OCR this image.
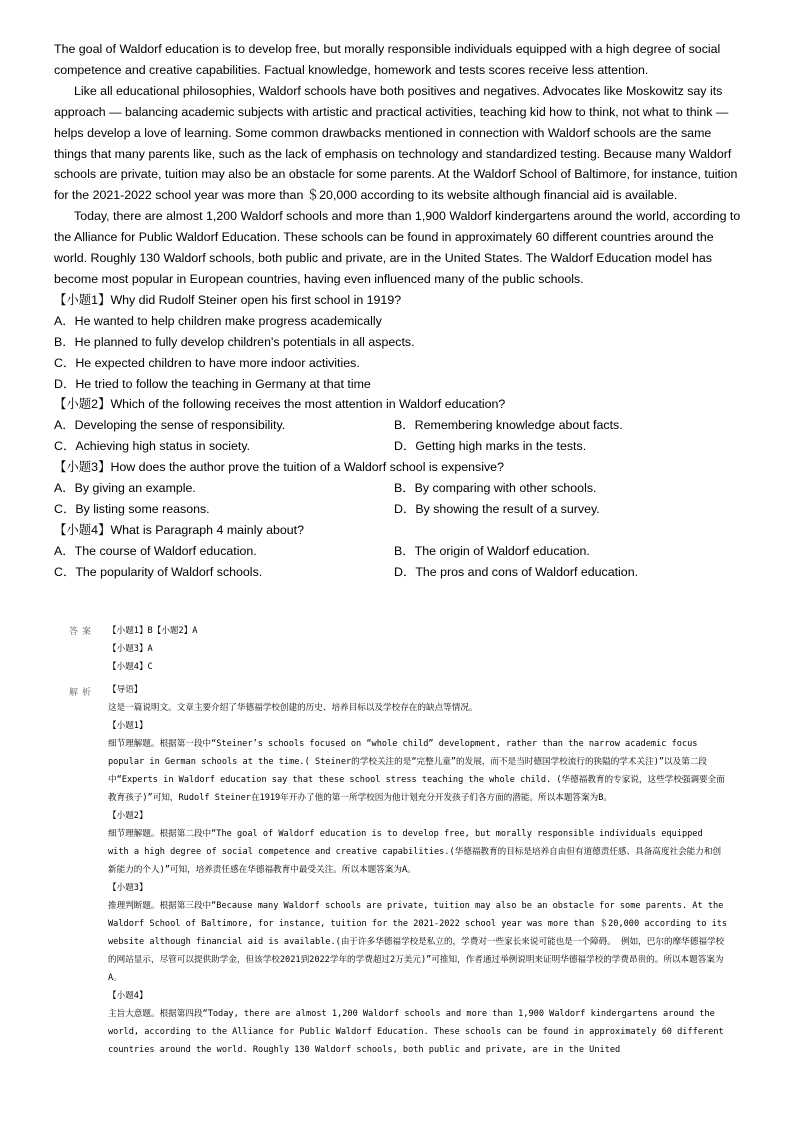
The goal of Waldorf education is to develop free, but morally responsible individuals equipped with a high degree of social competence and creative capabilities. Factual knowledge, homework and tests scores receive less attention.

Like all educational philosophies, Waldorf schools have both positives and negatives. Advocates like Moskowitz say its approach — balancing academic subjects with artistic and practical activities, teaching kid how to think, not what to think — helps develop a love of learning. Some common drawbacks mentioned in connection with Waldorf schools are the same things that many parents like, such as the lack of emphasis on technology and standardized testing. Because many Waldorf schools are private, tuition may also be an obstacle for some parents. At the Waldorf School of Baltimore, for instance, tuition for the 2021-2022 school year was more than ＄20,000 according to its website although financial aid is available.

Today, there are almost 1,200 Waldorf schools and more than 1,900 Waldorf kindergartens around the world, according to the Alliance for Public Waldorf Education. These schools can be found in approximately 60 different countries around the world. Roughly 130 Waldorf schools, both public and private, are in the United States. The Waldorf Education model has become most popular in European countries, having even influenced many of the public schools.

【小题1】Why did Rudolf Steiner open his first school in 1919?

A．He wanted to help children make progress academically
B．He planned to fully develop children's potentials in all aspects.
C．He expected children to have more indoor activities.
D．He tried to follow the teaching in Germany at that time

【小题2】Which of the following receives the most attention in Waldorf education?

A．Developing the sense of responsibility.	B．Remembering knowledge about facts.
C．Achieving high status in society.	D．Getting high marks in the tests.

【小题3】How does the author prove the tuition of a Waldorf school is expensive?

A．By giving an example.	B．By comparing with other schools.
C．By listing some reasons.	D．By showing the result of a survey.

【小题4】What is Paragraph 4 mainly about?

A．The course of Waldorf education.	B．The origin of Waldorf education.
C．The popularity of Waldorf schools.	D．The pros and cons of Waldorf education.
答案 【小题1】B【小题2】A
【小题3】A
【小题4】C
解析 【导语】

这是一篇说明文。文章主要介绍了华德福学校创建的历史、培养目标以及学校存在的缺点等情况。

【小题1】

细节理解题。根据第一段中“Steiner’s schools focused on “whole child” development, rather than the narrow academic focus popular in German schools at the time.( Steiner的学校关注的是“完整儿童”的发展，而不是当时德国学校流行的狭隘的学术关注)”以及第二段中“Experts in Waldorf education say that these school stress teaching the whole child. (华德福教育的专家说，这些学校强调要全面教育孩子)”可知，Rudolf Steiner在1919年开办了他的第一所学校因为他计划充分开发孩子们各方面的潜能。所以本题答案为B。

【小题2】

细节理解题。根据第二段中“The goal of Waldorf education is to develop free, but morally responsible individuals equipped with a high degree of social competence and creative capabilities.(华德福教育的目标是培养自由但有道德责任感、具备高度社会能力和创新能力的个人)”可知，培养责任感在华德福教育中最受关注。所以本题答案为A。

【小题3】

推理判断题。根据第三段中“Because many Waldorf schools are private, tuition may also be an obstacle for some parents. At the Waldorf School of Baltimore, for instance, tuition for the 2021-2022 school year was more than ＄20,000 according to its website although financial aid is available.(由于许多华德福学校是私立的，学费对一些家长来说可能也是一个障碍。 例如，巴尔的摩华德福学校的网站显示，尽管可以提供助学金，但该学校2021到2022学年的学费超过2万美元)”可推知，作者通过举例说明来证明华德福学校的学费昂贵的。所以本题答案为A。

【小题4】

主旨大意题。根据第四段“Today, there are almost 1,200 Waldorf schools and more than 1,900 Waldorf kindergartens around the world, according to the Alliance for Public Waldorf Education. These schools can be found in approximately 60 different countries around the world. Roughly 130 Waldorf schools, both public and private, are in the United
